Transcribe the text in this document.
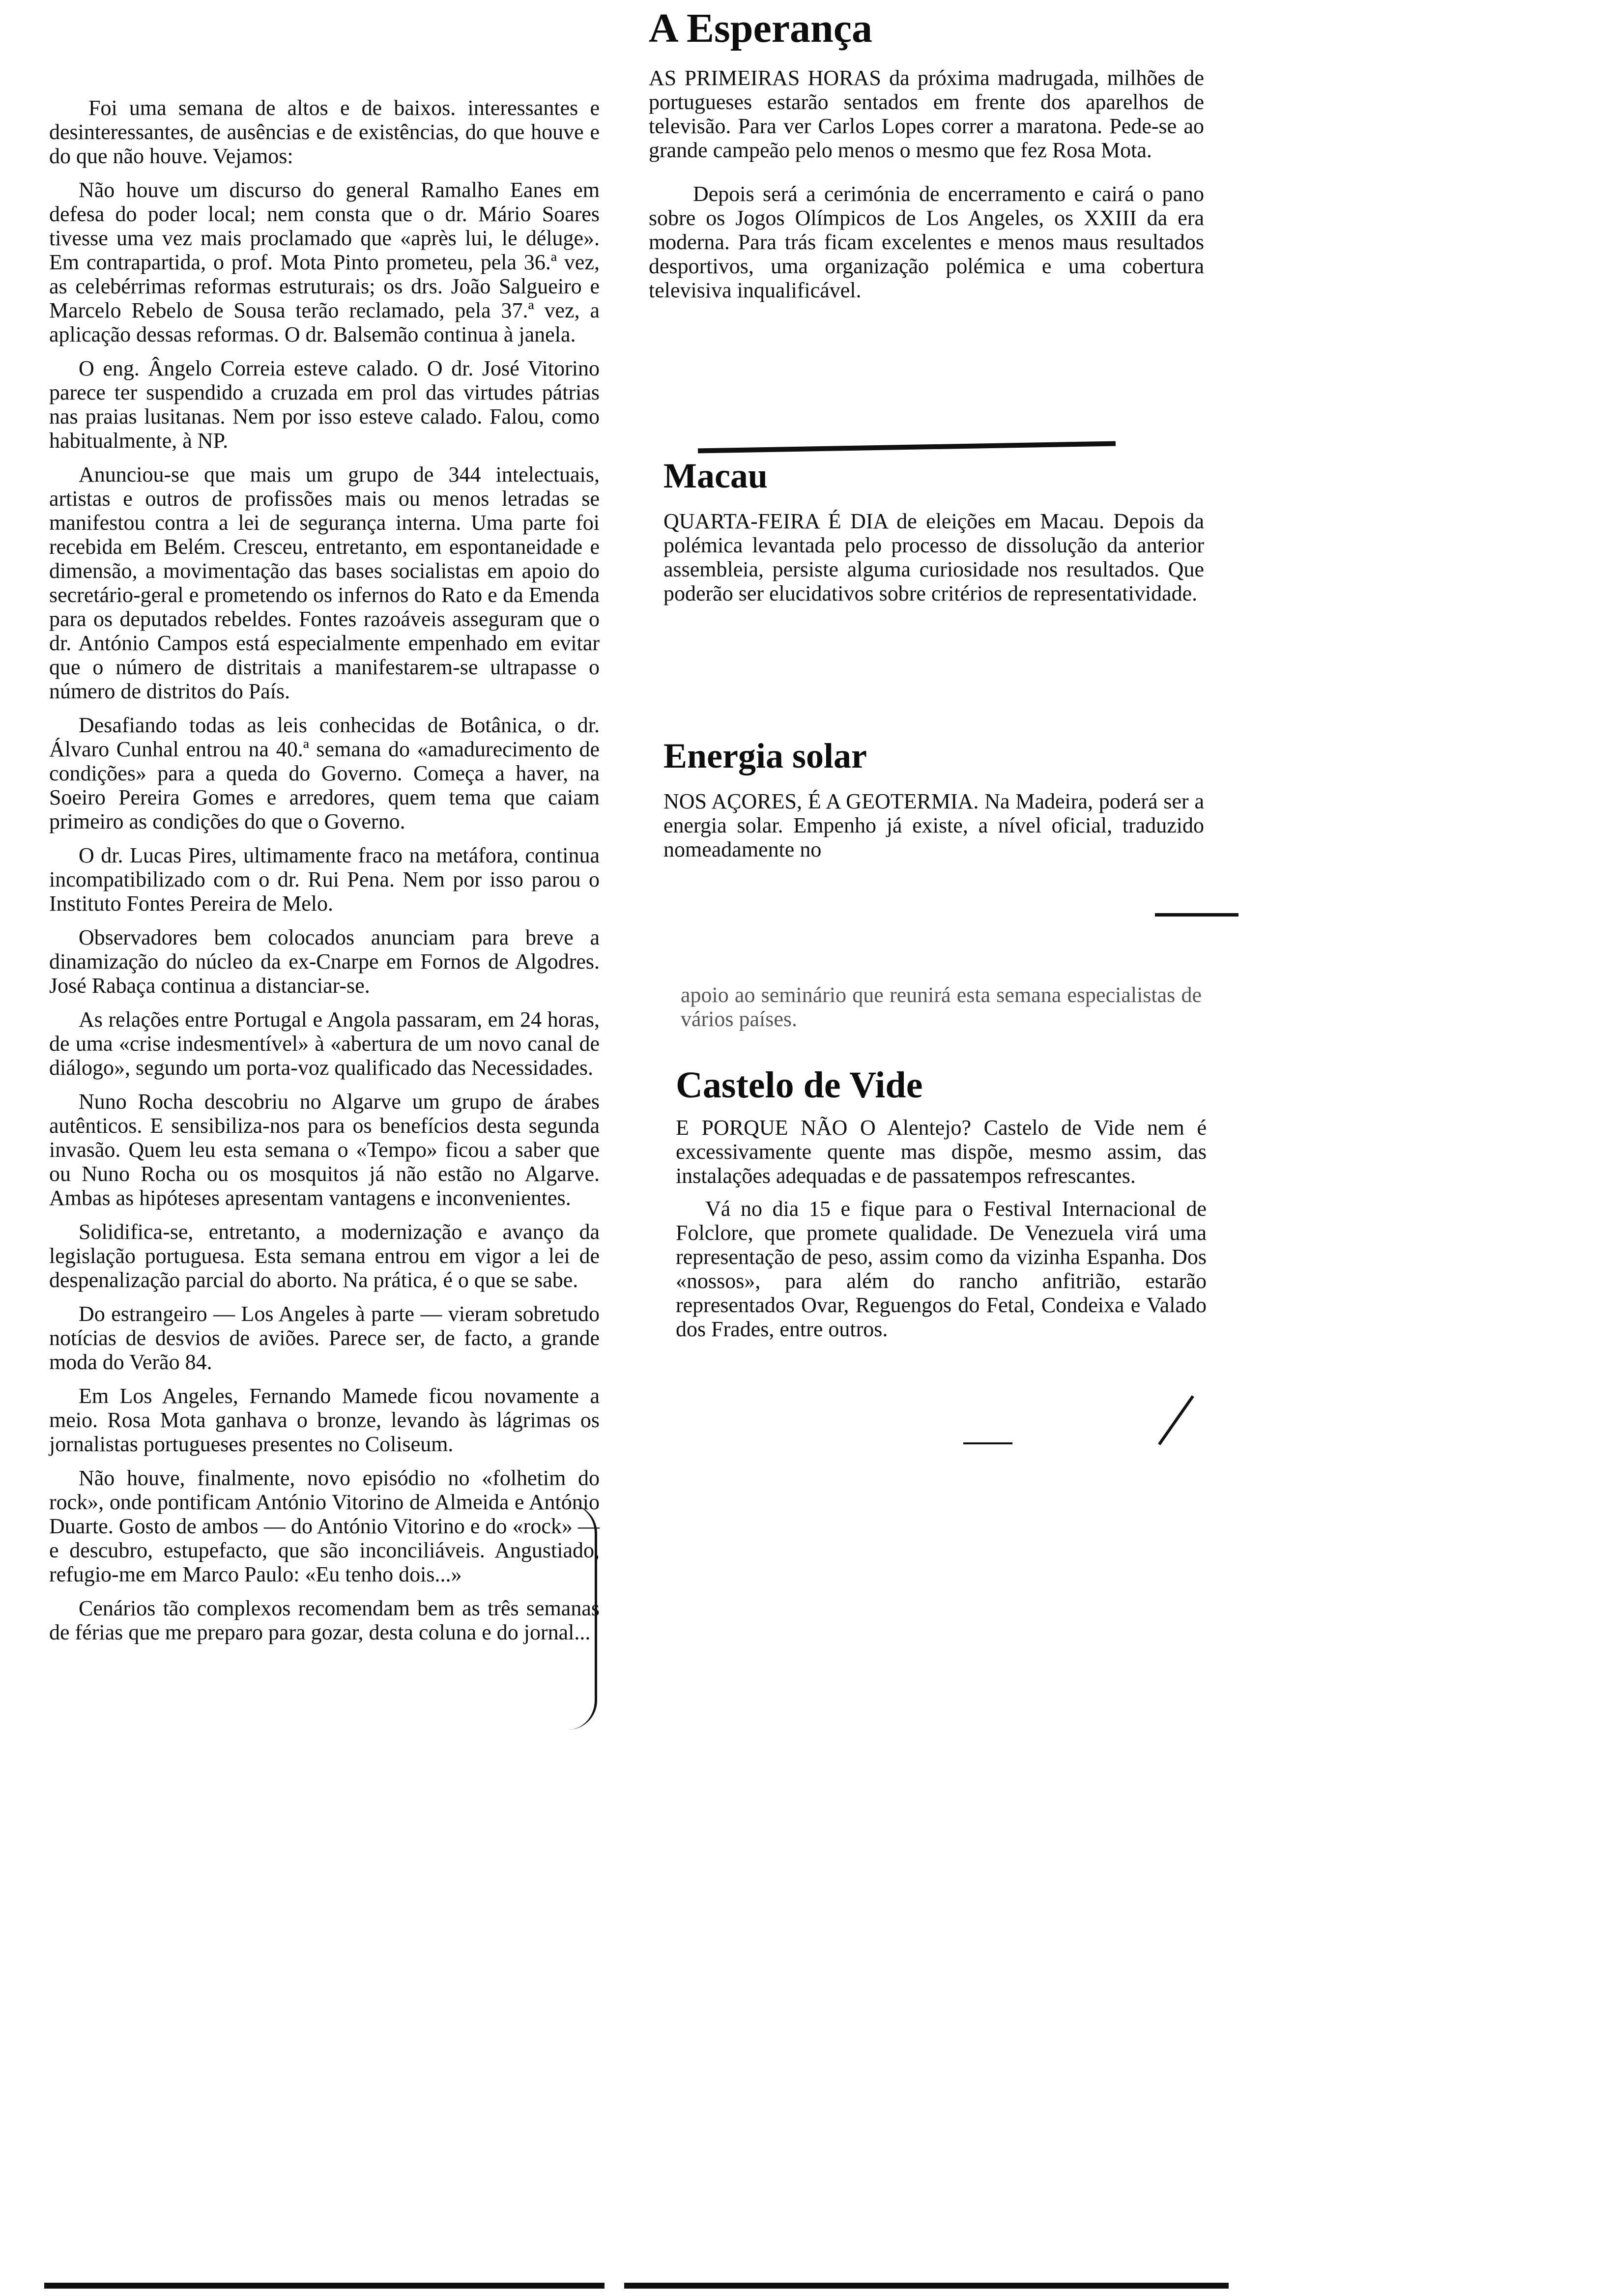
Foi uma semana de altos e de baixos. interessantes e desinteressantes, de ausências e de existências, do que houve e do que não houve. Vejamos:

Não houve um discurso do general Ramalho Eanes em defesa do poder local; nem consta que o dr. Mário Soares tivesse uma vez mais proclamado que «après lui, le déluge». Em contrapartida, o prof. Mota Pinto prometeu, pela 36.ª vez, as celebérrimas reformas estruturais; os drs. João Salgueiro e Marcelo Rebelo de Sousa terão reclamado, pela 37.ª vez, a aplicação dessas reformas. O dr. Balsemão continua à janela.

O eng. Ângelo Correia esteve calado. O dr. José Vitorino parece ter suspendido a cruzada em prol das virtudes pátrias nas praias lusitanas. Nem por isso esteve calado. Falou, como habitualmente, à NP.

Anunciou-se que mais um grupo de 344 intelectuais, artistas e outros de profissões mais ou menos letradas se manifestou contra a lei de segurança interna. Uma parte foi recebida em Belém. Cresceu, entretanto, em espontaneidade e dimensão, a movimentação das bases socialistas em apoio do secretário-geral e prometendo os infernos do Rato e da Emenda para os deputados rebeldes. Fontes razoáveis asseguram que o dr. António Campos está especialmente empenhado em evitar que o número de distritais a manifestarem-se ultrapasse o número de distritos do País.

Desafiando todas as leis conhecidas de Botânica, o dr. Álvaro Cunhal entrou na 40.ª semana do «amadurecimento de condições» para a queda do Governo. Começa a haver, na Soeiro Pereira Gomes e arredores, quem tema que caiam primeiro as condições do que o Governo.

O dr. Lucas Pires, ultimamente fraco na metáfora, continua incompatibilizado com o dr. Rui Pena. Nem por isso parou o Instituto Fontes Pereira de Melo.

Observadores bem colocados anunciam para breve a dinamização do núcleo da ex-Cnarpe em Fornos de Algodres. José Rabaça continua a distanciar-se.

As relações entre Portugal e Angola passaram, em 24 horas, de uma «crise indesmentível» à «abertura de um novo canal de diálogo», segundo um porta-voz qualificado das Necessidades.

Nuno Rocha descobriu no Algarve um grupo de árabes autênticos. E sensibiliza-nos para os benefícios desta segunda invasão. Quem leu esta semana o «Tempo» ficou a saber que ou Nuno Rocha ou os mosquitos já não estão no Algarve. Ambas as hipóteses apresentam vantagens e inconvenientes.

Solidifica-se, entretanto, a modernização e avanço da legislação portuguesa. Esta semana entrou em vigor a lei de despenalização parcial do aborto. Na prática, é o que se sabe.

Do estrangeiro — Los Angeles à parte — vieram sobretudo notícias de desvios de aviões. Parece ser, de facto, a grande moda do Verão 84.

Em Los Angeles, Fernando Mamede ficou novamente a meio. Rosa Mota ganhava o bronze, levando às lágrimas os jornalistas portugueses presentes no Coliseum.

Não houve, finalmente, novo episódio no «folhetim do rock», onde pontificam António Vitorino de Almeida e António Duarte. Gosto de ambos — do António Vitorino e do «rock» — e descubro, estupefacto, que são inconciliáveis. Angustiado, refugio-me em Marco Paulo: «Eu tenho dois...»

Cenários tão complexos recomendam bem as três semanas de férias que me preparo para gozar, desta coluna e do jornal...

A Esperança

AS PRIMEIRAS HORAS da próxima madrugada, milhões de portugueses estarão sentados em frente dos aparelhos de televisão. Para ver Carlos Lopes correr a maratona. Pede-se ao grande campeão pelo menos o mesmo que fez Rosa Mota.

Depois será a cerimónia de encerramento e cairá o pano sobre os Jogos Olímpicos de Los Angeles, os XXIII da era moderna. Para trás ficam excelentes e menos maus resultados desportivos, uma organização polémica e uma cobertura televisiva inqualificável.

Macau

QUARTA-FEIRA É DIA de eleições em Macau. Depois da polémica levantada pelo processo de dissolução da anterior assembleia, persiste alguma curiosidade nos resultados. Que poderão ser elucidativos sobre critérios de representatividade.

Energia solar

NOS AÇORES, É A GEOTERMIA. Na Madeira, poderá ser a energia solar. Empenho já existe, a nível oficial, traduzido nomeadamente no

apoio ao seminário que reunirá esta semana especialistas de vários países.

Castelo de Vide

E PORQUE NÃO O Alentejo? Castelo de Vide nem é excessivamente quente mas dispõe, mesmo assim, das instalações adequadas e de passatempos refrescantes.

Vá no dia 15 e fique para o Festival Internacional de Folclore, que promete qualidade. De Venezuela virá uma representação de peso, assim como da vizinha Espanha. Dos «nossos», para além do rancho anfitrião, estarão representados Ovar, Reguengos do Fetal, Condeixa e Valado dos Frades, entre outros.
